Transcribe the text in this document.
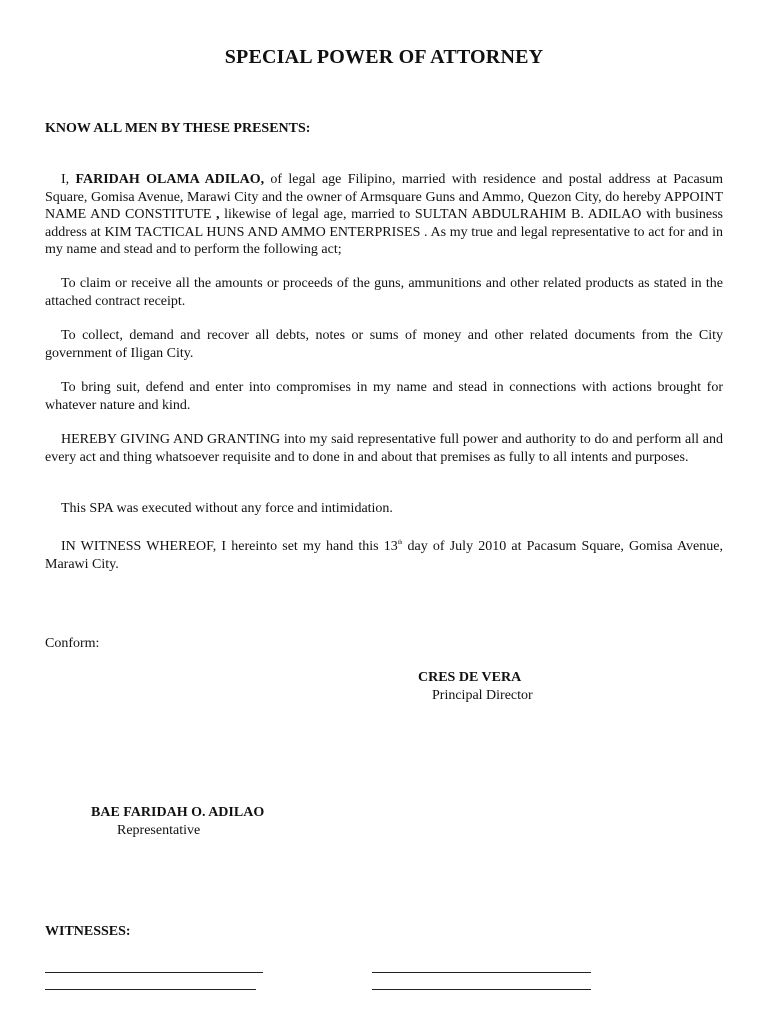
SPECIAL POWER OF ATTORNEY
KNOW ALL MEN BY THESE PRESENTS:

I, FARIDAH OLAMA ADILAO, of legal age Filipino, married with residence and postal address at Pacasum Square, Gomisa Avenue, Marawi City and the owner of Armsquare Guns and Ammo, Quezon City, do hereby APPOINT NAME AND CONSTITUTE , likewise of legal age, married to SULTAN ABDULRAHIM B. ADILAO with business address at KIM TACTICAL HUNS AND AMMO ENTERPRISES . As my true and legal representative to act for and in my name and stead and to perform the following act;

To claim or receive all the amounts or proceeds of the guns, ammunitions and other related products as stated in the attached contract receipt.

To collect, demand and recover all debts, notes or sums of money and other related documents from the City government of Iligan City.

To bring suit, defend and enter into compromises in my name and stead in connections with actions brought for whatever nature and kind.

HEREBY GIVING AND GRANTING into my said representative full power and authority to do and perform all and every act and thing whatsoever requisite and to done in and about that premises as fully to all intents and purposes.

This SPA was executed without any force and intimidation.

IN WITNESS WHEREOF, I hereinto set my hand this 13th day of July 2010 at Pacasum Square, Gomisa Avenue, Marawi City.

Conform:
CRES DE VERA
Principal Director
BAE FARIDAH O. ADILAO
Representative
WITNESSES:
